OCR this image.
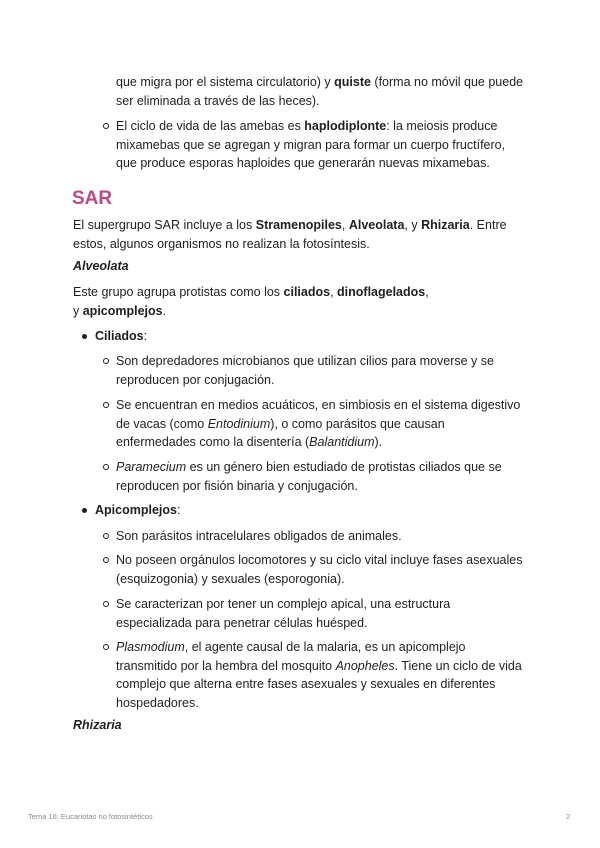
que migra por el sistema circulatorio) y quiste (forma no móvil que puede ser eliminada a través de las heces).

El ciclo de vida de las amebas es haplodiplonte: la meiosis produce mixamebas que se agregan y migran para formar un cuerpo fructífero, que produce esporas haploides que generarán nuevas mixamebas.

SAR

El supergrupo SAR incluye a los Stramenopiles, Alveolata, y Rhizaria. Entre estos, algunos organismos no realizan la fotosíntesis.

Alveolata

Este grupo agrupa protistas como los ciliados, dinoflagelados,
y apicomplejos.

Ciliados:

Son depredadores microbianos que utilizan cilios para moverse y se reproducen por conjugación.

Se encuentran en medios acuáticos, en simbiosis en el sistema digestivo de vacas (como Entodinium), o como parásitos que causan enfermedades como la disentería (Balantidium).

Paramecium es un género bien estudiado de protistas ciliados que se reproducen por fisión binaria y conjugación.

Apicomplejos:

Son parásitos intracelulares obligados de animales.

No poseen orgánulos locomotores y su ciclo vital incluye fases asexuales (esquizogonia) y sexuales (esporogonia).

Se caracterizan por tener un complejo apical, una estructura especializada para penetrar células huésped.

Plasmodium, el agente causal de la malaria, es un apicomplejo transmitido por la hembra del mosquito Anopheles. Tiene un ciclo de vida complejo que alterna entre fases asexuales y sexuales en diferentes hospedadores.

Rhizaria
Tema 16: Eucariotas no fotosintéticos	2
